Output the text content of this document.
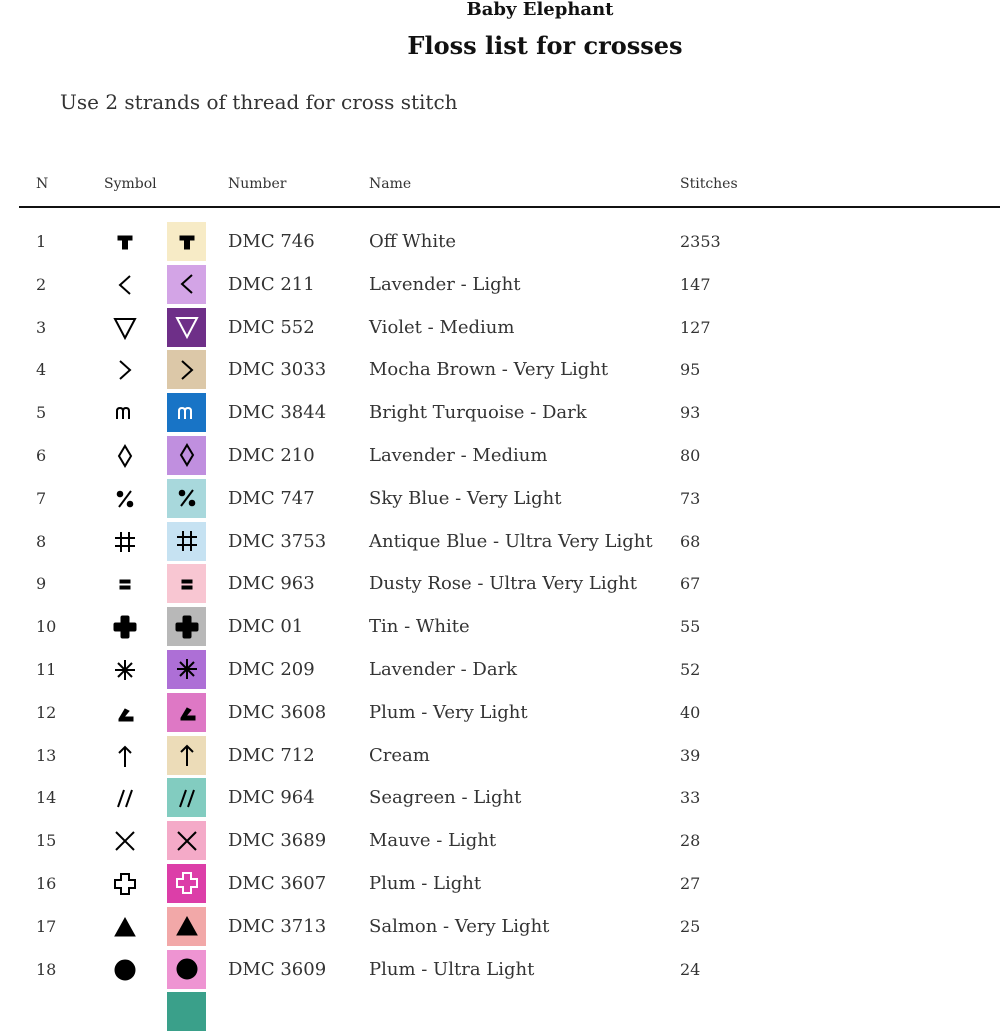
Baby Elephant
Floss list for crosses
Use 2 strands of thread for cross stitch
N	Symbol	Number	Name	Stitches
1	DMC 746	Off White	2353
2	DMC 211	Lavender - Light	147
3	DMC 552	Violet - Medium	127
4	DMC 3033 Mocha Brown - Very Light	95
5	DMC 3844 Bright Turquoise - Dark	93
6	DMC 210	Lavender - Medium	80
7	DMC 747	Sky Blue - Very Light	73
8	DMC 3753 Antique Blue - Ultra Very Light 68
9	DMC 963	Dusty Rose - Ultra Very Light	67
10	DMC 01	Tin - White	55
11	DMC 209	Lavender - Dark	52
12	DMC 3608 Plum - Very Light	40
13	DMC 712	Cream	39
14	DMC 964	Seagreen - Light	33
15	DMC 3689 Mauve - Light	28
16	DMC 3607 Plum - Light	27
17	DMC 3713 Salmon - Very Light	25
18	DMC 3609 Plum - Ultra Light	24
